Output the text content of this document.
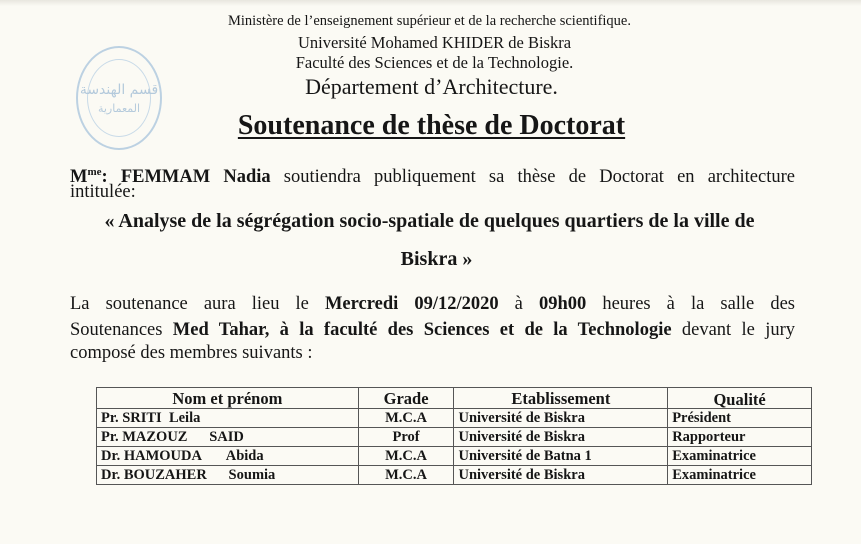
ﻗﺴﻢ ﺍﻟﻬﻨﺪﺳﺔ
ﺍﻟﻤﻌﻤﺎﺭﻳﺔ
Ministère de l’enseignement supérieur et de la recherche scientifique.
Université Mohamed KHIDER de Biskra
Faculté des Sciences et de la Technologie.
Département d’Architecture.
Soutenance de thèse de Doctorat
$M^{me}$: FEMMAM Nadia soutiendra publiquement sa thèse de Doctorat en architecture
intitulée:
« Analyse de la ségrégation socio-spatiale de quelques quartiers de la ville de
Biskra »
La soutenance aura lieu le Mercredi 09/12/2020 à 09h00 heures à la salle des
Soutenances Med Tahar, à la faculté des Sciences et de la Technologie devant le jury
composé des membres suivants :
Nom et prénom	Grade	Etablissement	Qualité
Pr. SRITI  Leila	M.C.A	Université de Biskra	Président
Pr. MAZOUZ      SAID	Prof	Université de Biskra	Rapporteur
Dr. HAMOUDA       Abida	M.C.A	Université de Batna 1	Examinatrice
Dr. BOUZAHER      Soumia	M.C.A	Université de Biskra	Examinatrice
